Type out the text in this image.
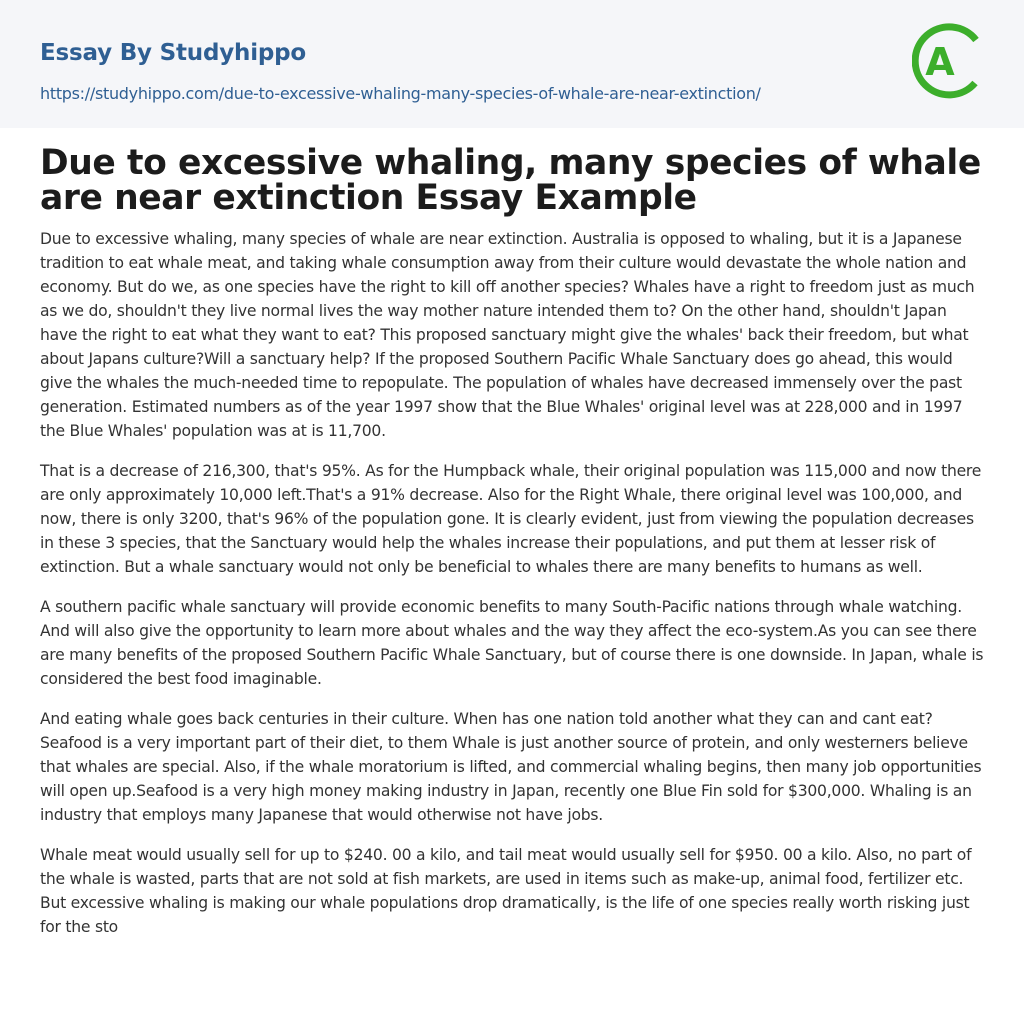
Essay By Studyhippo
https://studyhippo.com/due-to-excessive-whaling-many-species-of-whale-are-near-extinction/
A
Due to excessive whaling, many species of whale are near extinction Essay Example

Due to excessive whaling, many species of whale are near extinction. Australia is opposed to whaling, but it is a Japanese tradition to eat whale meat, and taking whale consumption away from their culture would devastate the whole nation and economy. But do we, as one species have the right to kill off another species? Whales have a right to freedom just as much as we do, shouldn't they live normal lives the way mother nature intended them to? On the other hand, shouldn't Japan have the right to eat what they want to eat? This proposed sanctuary might give the whales' back their freedom, but what about Japans culture?Will a sanctuary help? If the proposed Southern Pacific Whale Sanctuary does go ahead, this would give the whales the much-needed time to repopulate. The population of whales have decreased immensely over the past generation. Estimated numbers as of the year 1997 show that the Blue Whales' original level was at 228,000 and in 1997 the Blue Whales' population was at is 11,700.

That is a decrease of 216,300, that's 95%. As for the Humpback whale, their original population was 115,000 and now there are only approximately 10,000 left.That's a 91% decrease. Also for the Right Whale, there original level was 100,000, and now, there is only 3200, that's 96% of the population gone. It is clearly evident, just from viewing the population decreases in these 3 species, that the Sanctuary would help the whales increase their populations, and put them at lesser risk of extinction. But a whale sanctuary would not only be beneficial to whales there are many benefits to humans as well.

A southern pacific whale sanctuary will provide economic benefits to many South-Pacific nations through whale watching. And will also give the opportunity to learn more about whales and the way they affect the eco-system.As you can see there are many benefits of the proposed Southern Pacific Whale Sanctuary, but of course there is one downside. In Japan, whale is considered the best food imaginable.

And eating whale goes back centuries in their culture. When has one nation told another what they can and cant eat? Seafood is a very important part of their diet, to them Whale is just another source of protein, and only westerners believe that whales are special. Also, if the whale moratorium is lifted, and commercial whaling begins, then many job opportunities will open up.Seafood is a very high money making industry in Japan, recently one Blue Fin sold for $300,000. Whaling is an industry that employs many Japanese that would otherwise not have jobs.

Whale meat would usually sell for up to $240. 00 a kilo, and tail meat would usually sell for $950. 00 a kilo. Also, no part of the whale is wasted, parts that are not sold at fish markets, are used in items such as make-up, animal food, fertilizer etc. But excessive whaling is making our whale populations drop dramatically, is the life of one species really worth risking just for the sto
